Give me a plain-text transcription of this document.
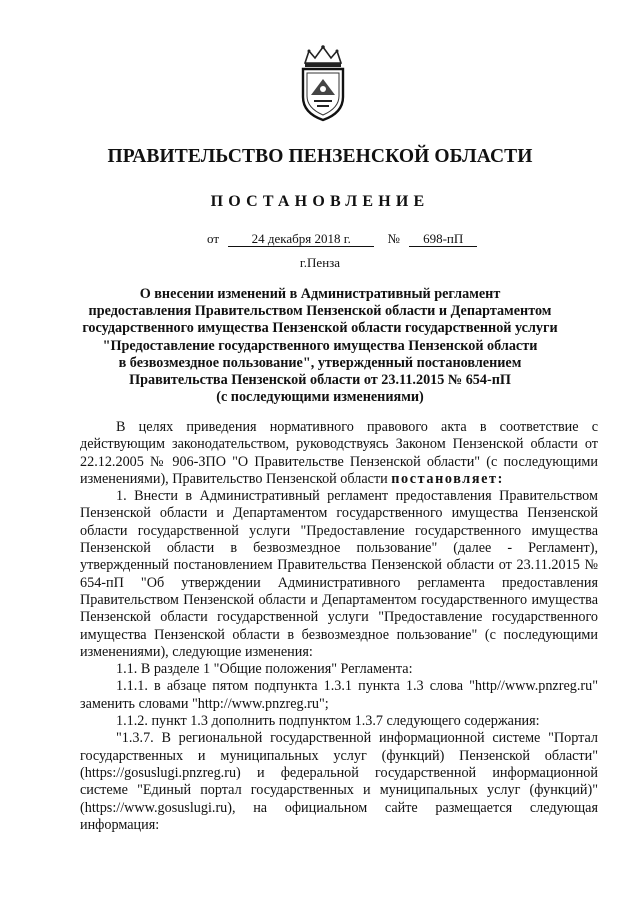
ПРАВИТЕЛЬСТВО ПЕНЗЕНСКОЙ ОБЛАСТИ
ПОСТАНОВЛЕНИЕ
от	24 декабря 2018 г.	№ 698-пП
г.Пенза
О внесении изменений в Административный регламент
предоставления Правительством Пензенской области и Департаментом
государственного имущества Пензенской области государственной услуги
"Предоставление государственного имущества Пензенской области
в безвозмездное пользование", утвержденный постановлением
Правительства Пензенской области от 23.11.2015 № 654-пП
(с последующими изменениями)

В целях приведения нормативного правового акта в соответствие с действующим законодательством, руководствуясь Законом Пензенской области от 22.12.2005 № 906-ЗПО "О Правительстве Пензенской области" (с последующими изменениями), Правительство Пензенской области постановляет:

1. Внести в Административный регламент предоставления Правительством Пензенской области и Департаментом государственного имущества Пензенской области государственной услуги "Предоставление государственного имущества Пензенской области в безвозмездное пользование" (далее - Регламент), утвержденный постановлением Правительства Пензенской области от 23.11.2015 № 654-пП "Об утверждении Административного регламента предоставления Правительством Пензенской области и Департаментом государственного имущества Пензенской области государственной услуги "Предоставление государственного имущества Пензенской области в безвозмездное пользование" (с последующими изменениями), следующие изменения:

1.1. В разделе 1 "Общие положения" Регламента:

1.1.1. в абзаце пятом подпункта 1.3.1 пункта 1.3 слова "http//www.pnzreg.ru" заменить словами "http://www.pnzreg.ru";

1.1.2. пункт 1.3 дополнить подпунктом 1.3.7 следующего содержания:

"1.3.7. В региональной государственной информационной системе "Портал государственных и муниципальных услуг (функций) Пензенской области" (https://gosuslugi.pnzreg.ru) и федеральной государственной информационной системе "Единый портал государственных и муниципальных услуг (функций)" (https://www.gosuslugi.ru), на официальном сайте размещается следующая информация:
